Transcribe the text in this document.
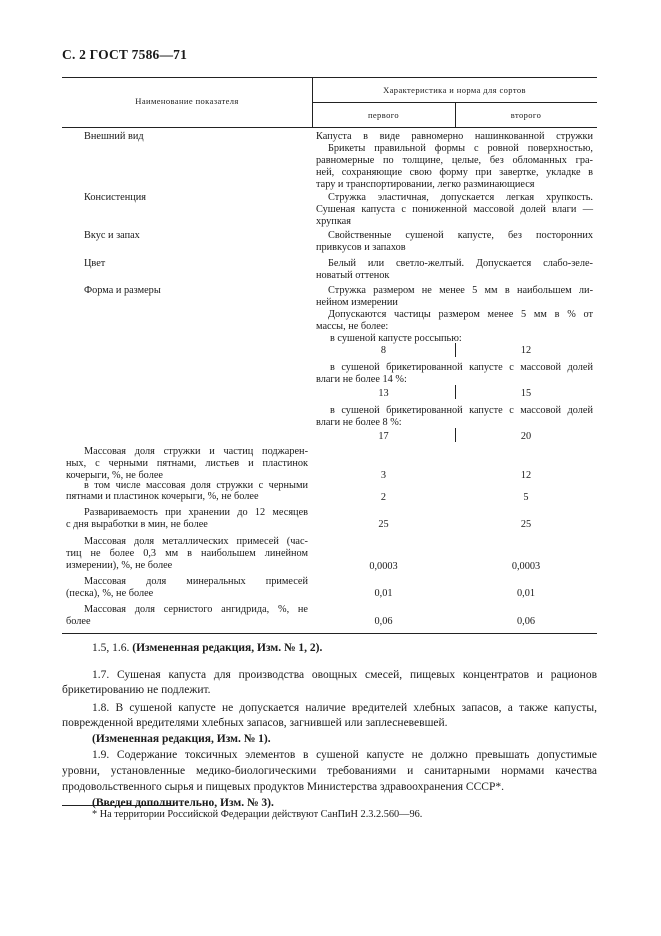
С. 2 ГОСТ 7586—71
Наименование показателя
Характеристика и норма для сортов
первого	второго
Внешний вид	Капуста в виде равномерно нашинкованной стружки
Брикеты правильной формы с ровной поверхностью,
равномерные по толщине, целые, без обломанных гра-
ней, сохраняющие свою форму при завертке, укладке в
тару и транспортировании, легко разминающиеся
Консистенция	Стружка эластичная, допускается легкая хрупкость.
Сушеная капуста с пониженной массовой долей влаги —
хрупкая
Вкус и запах	Свойственные сушеной капусте, без посторонних
привкусов и запахов
Цвет	Белый или светло-желтый. Допускается слабо-зеле-
новатый оттенок
Форма и размеры	Стружка размером не менее 5 мм в наибольшем ли-
нейном измерении
Допускаются частицы размером менее 5 мм в % от
массы, не более:
в сушеной капусте россыпью:
8	12
в сушеной брикетированной капусте с массовой долей
влаги не более 14 %:
13	15
в сушеной брикетированной капусте с массовой долей
влаги не более 8 %:
17	20
Массовая доля стружки и частиц поджарен-
ных, с черными пятнами, листьев и пластинок
кочерыги, %, не более	3	12
в том числе массовая доля стружки с черными
пятнами и пластинок кочерыги, %, не более	2	5
Развариваемость при хранении до 12 месяцев
с дня выработки в мин, не более	25	25
Массовая доля металлических примесей (час-
тиц не более 0,3 мм в наибольшем линейном
измерении), %, не более	0,0003	0,0003
Массовая доля минеральных примесей
(песка), %, не более	0,01	0,01
Массовая доля сернистого ангидрида, %, не
более	0,06	0,06
1.5, 1.6. (Измененная редакция, Изм. № 1, 2).
1.7. Сушеная капуста для производства овощных смесей, пищевых концентратов и рационов
брикетированию не подлежит.
1.8. В сушеной капусте не допускается наличие вредителей хлебных запасов, а также капусты,
поврежденной вредителями хлебных запасов, загнившей или заплесневевшей.
(Измененная редакция, Изм. № 1).
1.9. Содержание токсичных элементов в сушеной капусте не должно превышать допустимые
уровни, установленные медико-биологическими требованиями и санитарными нормами качества
продовольственного сырья и пищевых продуктов Министерства здравоохранения СССР*.
(Введен дополнительно, Изм. № 3).
* На территории Российской Федерации действуют СанПиН 2.3.2.560—96.
